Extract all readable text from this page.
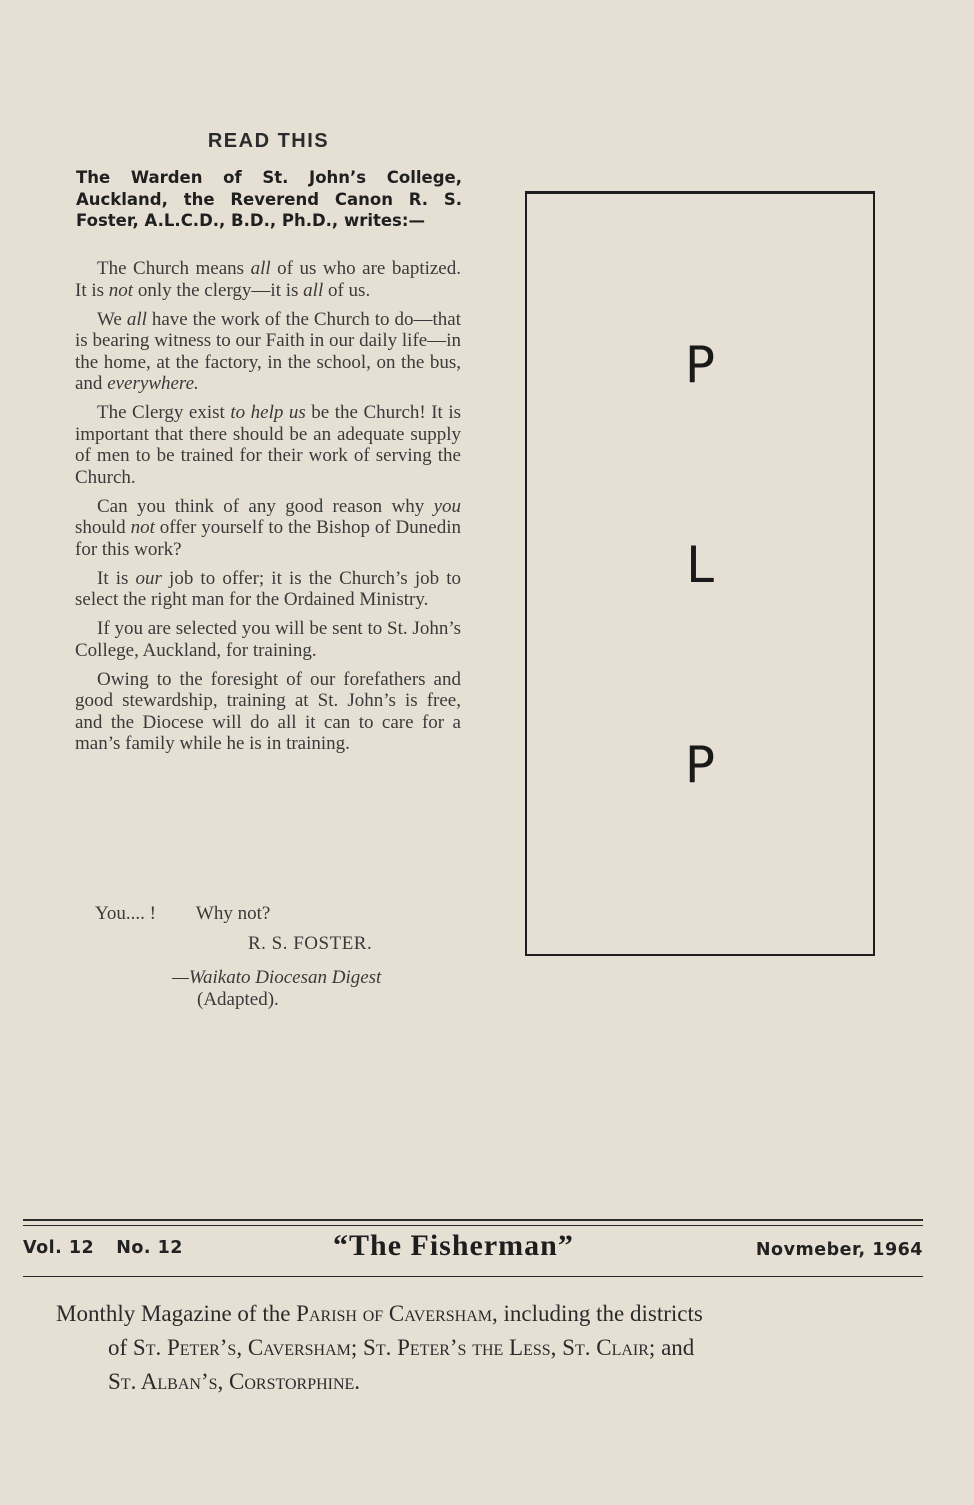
READ THIS
The Warden of St. John’s College, Auckland, the Reverend Canon R. S. Foster, A.L.C.D., B.D., Ph.D., writes:—

The Church means all of us who are baptized. It is not only the clergy—it is all of us.

We all have the work of the Church to do—that is bearing witness to our Faith in our daily life—in the home, at the factory, in the school, on the bus, and everywhere.

The Clergy exist to help us be the Church! It is important that there should be an adequate supply of men to be trained for their work of serving the Church.

Can you think of any good reason why you should not offer yourself to the Bishop of Dunedin for this work?

It is our job to offer; it is the Church’s job to select the right man for the Ordained Ministry.

If you are selected you will be sent to St. John’s College, Auckland, for training.

Owing to the foresight of our forefathers and good stewardship, training at St. John’s is free, and the Diocese will do all it can to care for a man’s family while he is in training.

You.... ! Why not?
R. S. FOSTER.
—Waikato Diocesan Digest
(Adapted).
P
L
P
Vol. 12 No. 12	“The Fisherman”	Novmeber, 1964
Monthly Magazine of the Parish of Caversham, including the districts
of St. Peter’s, Caversham; St. Peter’s the Less, St. Clair; and
St. Alban’s, Corstorphine.
